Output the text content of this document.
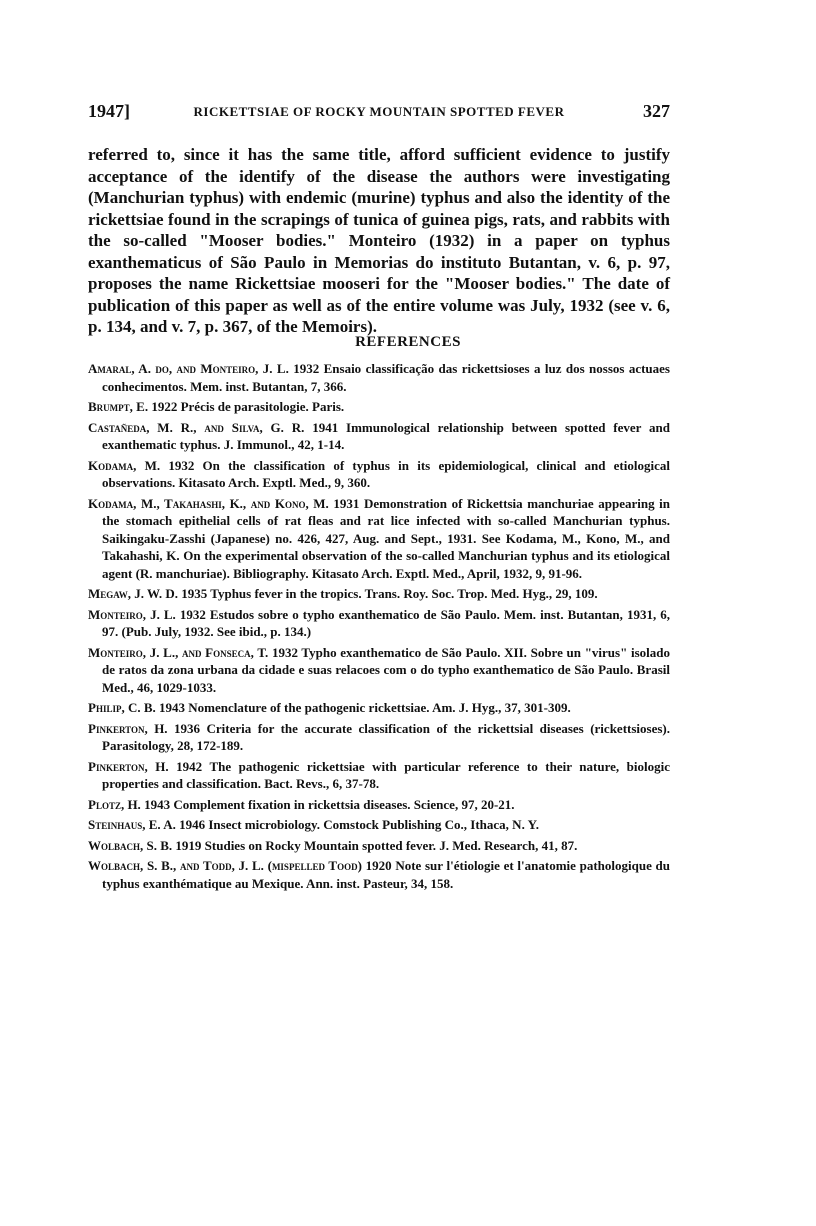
1947]	RICKETTSIAE OF ROCKY MOUNTAIN SPOTTED FEVER	327

referred to, since it has the same title, afford sufficient evidence to justify acceptance of the identify of the disease the authors were investigating (Manchurian typhus) with endemic (murine) typhus and also the identity of the rickettsiae found in the scrapings of tunica of guinea pigs, rats, and rabbits with the so-called "Mooser bodies." Monteiro (1932) in a paper on typhus exanthematicus of São Paulo in Memorias do instituto Butantan, v. 6, p. 97, proposes the name Rickettsiae mooseri for the "Mooser bodies." The date of publication of this paper as well as of the entire volume was July, 1932 (see v. 6, p. 134, and v. 7, p. 367, of the Memoirs).

REFERENCES

Amaral, A. do, and Monteiro, J. L. 1932 Ensaio classificação das rickettsioses a luz dos nossos actuaes conhecimentos. Mem. inst. Butantan, 7, 366.

Brumpt, E. 1922 Précis de parasitologie. Paris.

Castañeda, M. R., and Silva, G. R. 1941 Immunological relationship between spotted fever and exanthematic typhus. J. Immunol., 42, 1-14.

Kodama, M. 1932 On the classification of typhus in its epidemiological, clinical and etiological observations. Kitasato Arch. Exptl. Med., 9, 360.

Kodama, M., Takahashi, K., and Kono, M. 1931 Demonstration of Rickettsia manchuriae appearing in the stomach epithelial cells of rat fleas and rat lice infected with so-called Manchurian typhus. Saikingaku-Zasshi (Japanese) no. 426, 427, Aug. and Sept., 1931. See Kodama, M., Kono, M., and Takahashi, K. On the experimental observation of the so-called Manchurian typhus and its etiological agent (R. manchuriae). Bibliography. Kitasato Arch. Exptl. Med., April, 1932, 9, 91-96.

Megaw, J. W. D. 1935 Typhus fever in the tropics. Trans. Roy. Soc. Trop. Med. Hyg., 29, 109.

Monteiro, J. L. 1932 Estudos sobre o typho exanthematico de São Paulo. Mem. inst. Butantan, 1931, 6, 97. (Pub. July, 1932. See ibid., p. 134.)

Monteiro, J. L., and Fonseca, T. 1932 Typho exanthematico de São Paulo. XII. Sobre un "virus" isolado de ratos da zona urbana da cidade e suas relacoes com o do typho exanthematico de São Paulo. Brasil Med., 46, 1029-1033.

Philip, C. B. 1943 Nomenclature of the pathogenic rickettsiae. Am. J. Hyg., 37, 301-309.

Pinkerton, H. 1936 Criteria for the accurate classification of the rickettsial diseases (rickettsioses). Parasitology, 28, 172-189.

Pinkerton, H. 1942 The pathogenic rickettsiae with particular reference to their nature, biologic properties and classification. Bact. Revs., 6, 37-78.

Plotz, H. 1943 Complement fixation in rickettsia diseases. Science, 97, 20-21.

Steinhaus, E. A. 1946 Insect microbiology. Comstock Publishing Co., Ithaca, N. Y.

Wolbach, S. B. 1919 Studies on Rocky Mountain spotted fever. J. Med. Research, 41, 87.

Wolbach, S. B., and Todd, J. L. (mispelled Tood) 1920 Note sur l'étiologie et l'anatomie pathologique du typhus exanthématique au Mexique. Ann. inst. Pasteur, 34, 158.
